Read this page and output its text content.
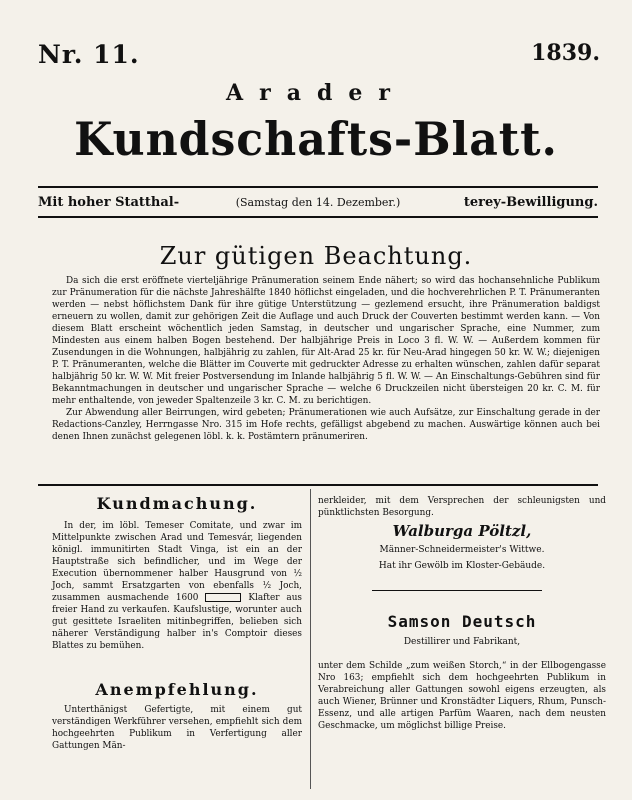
Nr. 11.	1839.
Arader
Kundschafts-Blatt.
Mit hoher Statthal-	(Samstag den 14. Dezember.)	terey-Bewilligung.
Zur gütigen Beachtung.

Da sich die erst eröffnete vierteljährige Pränumeration seinem Ende nähert; so wird das hochansehnliche Publikum zur Pränumeration für die nächste Jahreshälfte 1840 höflichst eingeladen, und die hochverehrlichen P. T. Pränumeranten werden — nebst höflichstem Dank für ihre gütige Unterstützung — gezlemend ersucht, ihre Pränumeration baldigst erneuern zu wollen, damit zur gehörigen Zeit die Auflage und auch Druck der Couverten bestimmt werden kann. — Von diesem Blatt erscheint wöchentlich jeden Samstag, in deutscher und ungarischer Sprache, eine Nummer, zum Mindesten aus einem halben Bogen bestehend. Der halbjährige Preis in Loco 3 fl. W. W. — Außerdem kommen für Zusendungen in die Wohnungen, halbjährig zu zahlen, für Alt-Arad 25 kr. für Neu-Arad hingegen 50 kr. W. W.; diejenigen P. T. Pränumeranten, welche die Blätter im Couverte mit gedruckter Adresse zu erhalten wünschen, zahlen dafür separat halbjährig 50 kr. W. W. Mit freier Postversendung im Inlande halbjährig 5 fl. W. W. — An Einschaltungs-Gebühren sind für Bekanntmachungen in deutscher und ungarischer Sprache — welche 6 Druckzeilen nicht übersteigen 20 kr. C. M. für mehr enthaltende, von jeweder Spaltenzeile 3 kr. C. M. zu berichtigen.

Zur Abwendung aller Beirrungen, wird gebeten; Pränumerationen wie auch Aufsätze, zur Einschaltung gerade in der Redactions-Canzley, Herrngasse Nro. 315 im Hofe rechts, gefälligst abgebend zu machen. Auswärtige können auch bei denen Ihnen zunächst gelegenen löbl. k. k. Postämtern pränumeriren.

Kundmachung.

In der, im löbl. Temeser Comitate, und zwar im Mittelpunkte zwischen Arad und Temesvár, liegenden königl. immunitirten Stadt Vinga, ist ein an der Hauptstraße sich befindlicher, und im Wege der Execution übernommener halber Hausgrund von ½ Joch, sammt Ersatzgarten von ebenfalls ½ Joch, zusammen ausmachende 1600	Klafter aus freier Hand zu verkaufen. Kaufslustige, worunter auch gut gesittete Israeliten mitinbegriffen, belieben sich näherer Verständigung halber in's Comptoir dieses Blattes zu bemühen.

Anempfehlung.

Unterthänigst Gefertigte, mit einem gut verständigen Werkführer versehen, empfiehlt sich dem hochgeehrten Publikum in Verfertigung aller Gattungen Män-

nerkleider, mit dem Versprechen der schleunigsten und pünktlichsten Besorgung.

Walburga Pöltzl,
Männer-Schneidermeister's Wittwe.
Hat ihr Gewölb im Kloster-Gebäude.
Samson Deutsch
Destillirer und Fabrikant,

unter dem Schilde „zum weißen Storch,“ in der Ellbogengasse Nro 163; empfiehlt sich dem hochgeehrten Publikum in Verabreichung aller Gattungen sowohl eigens erzeugten, als auch Wiener, Brünner und Kronstädter Liquers, Rhum, Punsch-Essenz, und alle artigen Parfüm Waaren, nach dem neusten Geschmacke, um möglichst billige Preise.
